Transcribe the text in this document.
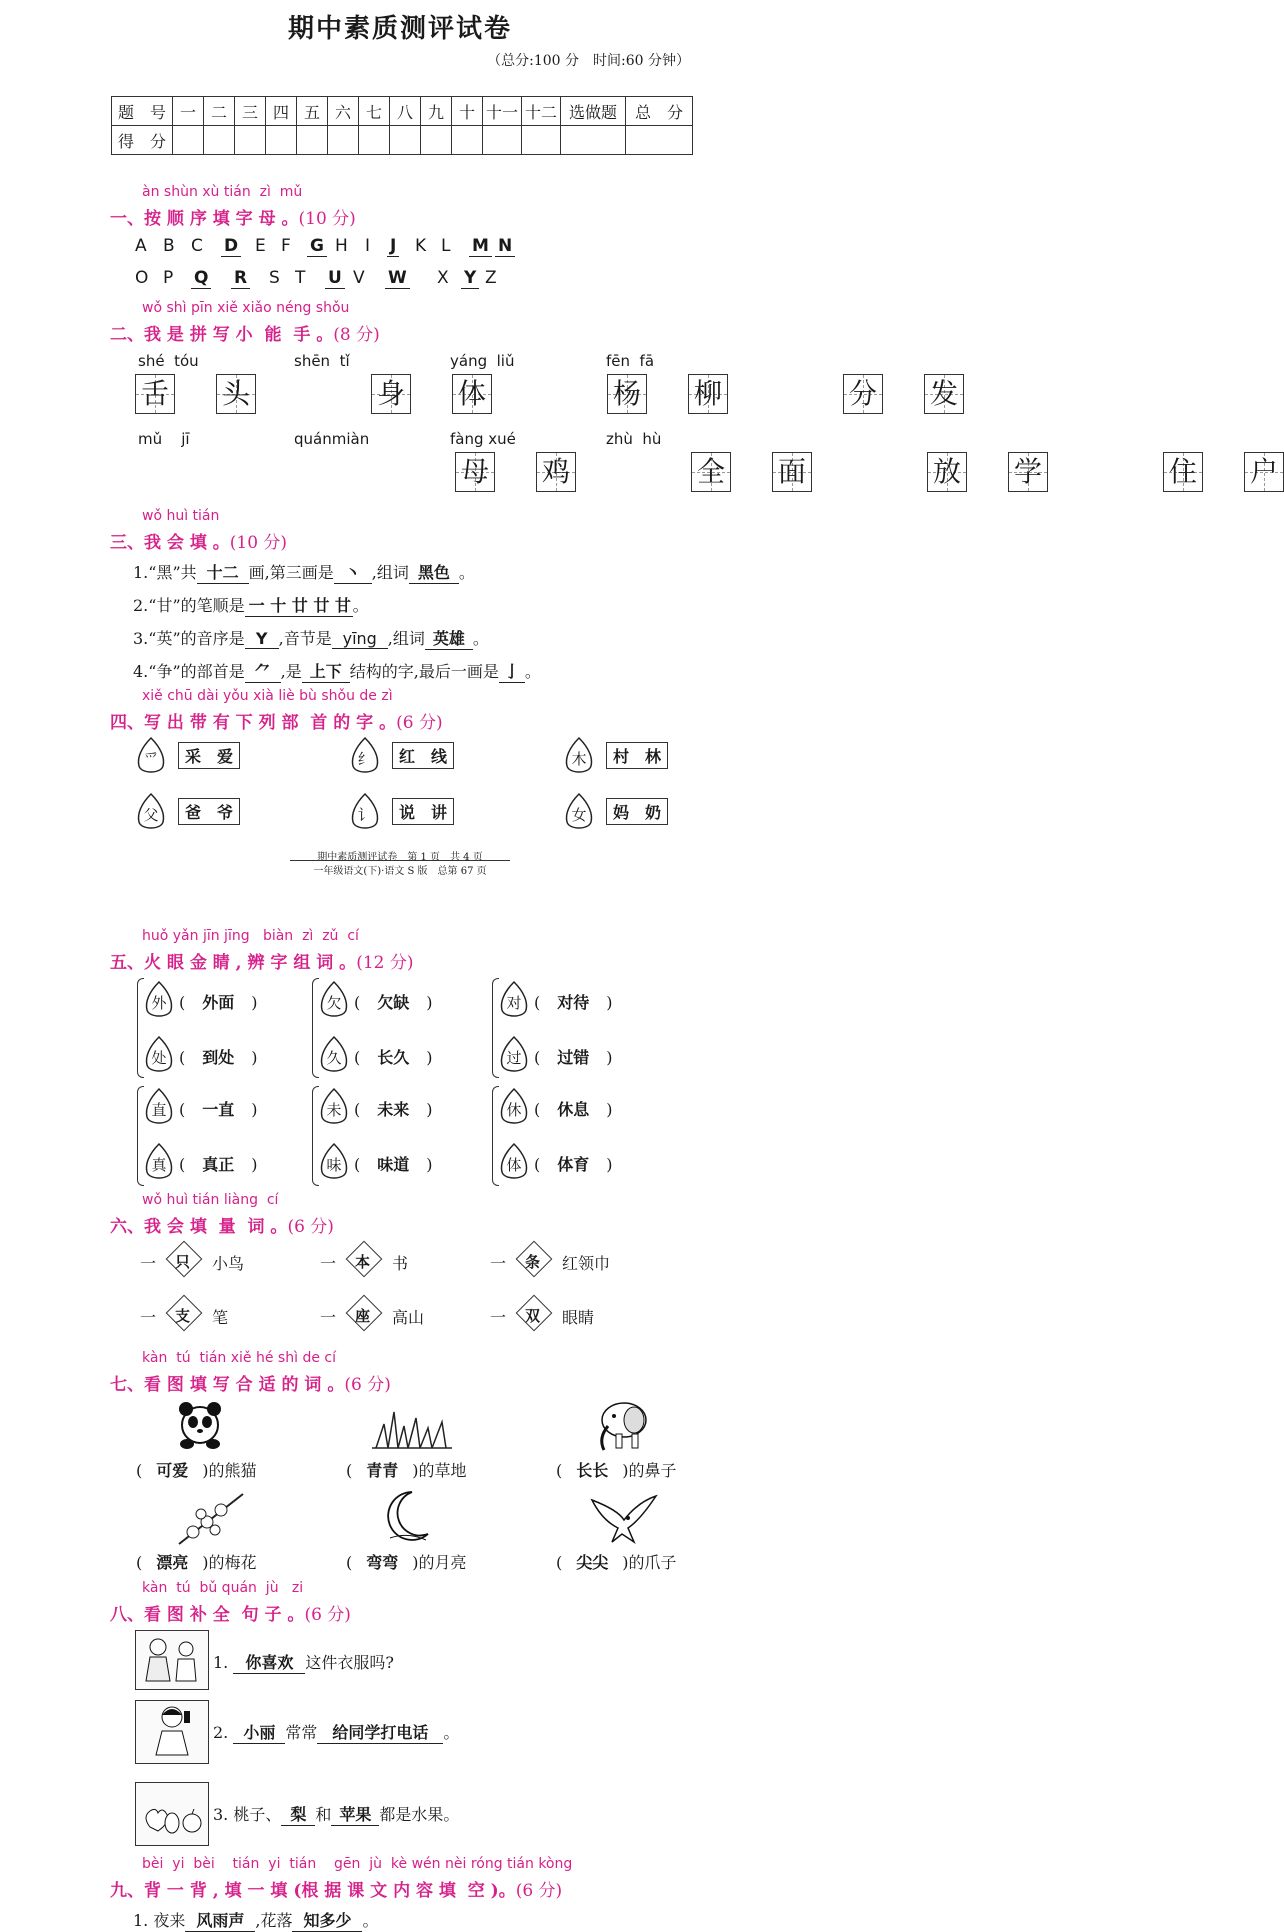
期中素质测评试卷
（总分:100 分　时间:60 分钟）
题　号	一	二	三	四	五	六	七	八	九	十	十一	十二	选做题	总　分
得　分														
àn shùn xù tián  zì  mǔ
一、按 顺 序 填 字 母 。(10 分)
A B C D E F G H I J K L M N
O P Q R S T U V W X Y Z
wǒ shì pīn xiě xiǎo néng shǒu
二、我 是 拼 写 小  能  手 。(8 分)
wǒ huì tián
三、我 会 填 。(10 分)
1.“黑”共 十二 画,第三画是 丶 ,组词 黑色 。
2.“甘”的笔顺是 一 十 廿 廿 甘 。
3.“英”的音序是 Y ,音节是 yīng ,组词 英雄 。
4.“争”的部首是 ⺈ ,是 上下 结构的字,最后一画是 亅 。
xiě chū dài yǒu xià liè bù shǒu de zì
四、写 出 带 有 下 列 部  首 的 字 。(6 分)
期中素质测评试卷　第 1 页　共 4 页
一年级语文(下)·语文 S 版　总第 67 页
huǒ yǎn jīn jīng   biàn  zì  zǔ  cí
五、火 眼 金 睛 , 辨 字 组 词 。(12 分)
wǒ huì tián liàng  cí
六、我 会 填  量  词 。(6 分)
kàn  tú  tián xiě hé shì de cí
七、看 图 填 写 合 适 的 词 。(6 分)
kàn  tú  bǔ quán  jù   zi
八、看 图 补 全  句 子 。(6 分)
1. 你喜欢 这件衣服吗?
2. 小丽 常常 给同学打电话 。
3. 桃子、 梨 和 苹果 都是水果。
bèi  yi  bèi    tián  yi  tián    gēn  jù  kè wén nèi róng tián kòng
九、背 一 背 , 填 一 填 (根 据 课 文 内 容 填  空 )。(6 分)
1. 夜来 风雨声 ,花落 知多少 。
shé  tóu
舌 头
shēn  tǐ
身 体
yáng  liǔ
杨 柳
fēn  fā
分 发
mǔ    jī
母 鸡
quánmiàn
全 面
fàng xué
放 学
zhù  hù
住 户
爫	采　爱	纟	红　线	木	村　林
父	爸　爷	讠	说　讲	女	妈　奶
外 ( 外面 )	欠 ( 欠缺 )	对 ( 对待 )
处 ( 到处 )	久 ( 长久 )	过 ( 过错 )
直 ( 一直 )	未 ( 未来 )	休 ( 休息 )
真 ( 真正 )	味 ( 味道 )	体 ( 体育 )
一 只 小鸟	一 本 书	一 条 红领巾
一 支 笔	一 座 高山	一 双 眼睛
( 可爱 )的熊猫	( 青青 )的草地	( 长长 )的鼻子
( 漂亮 )的梅花	( 弯弯 )的月亮	( 尖尖 )的爪子
